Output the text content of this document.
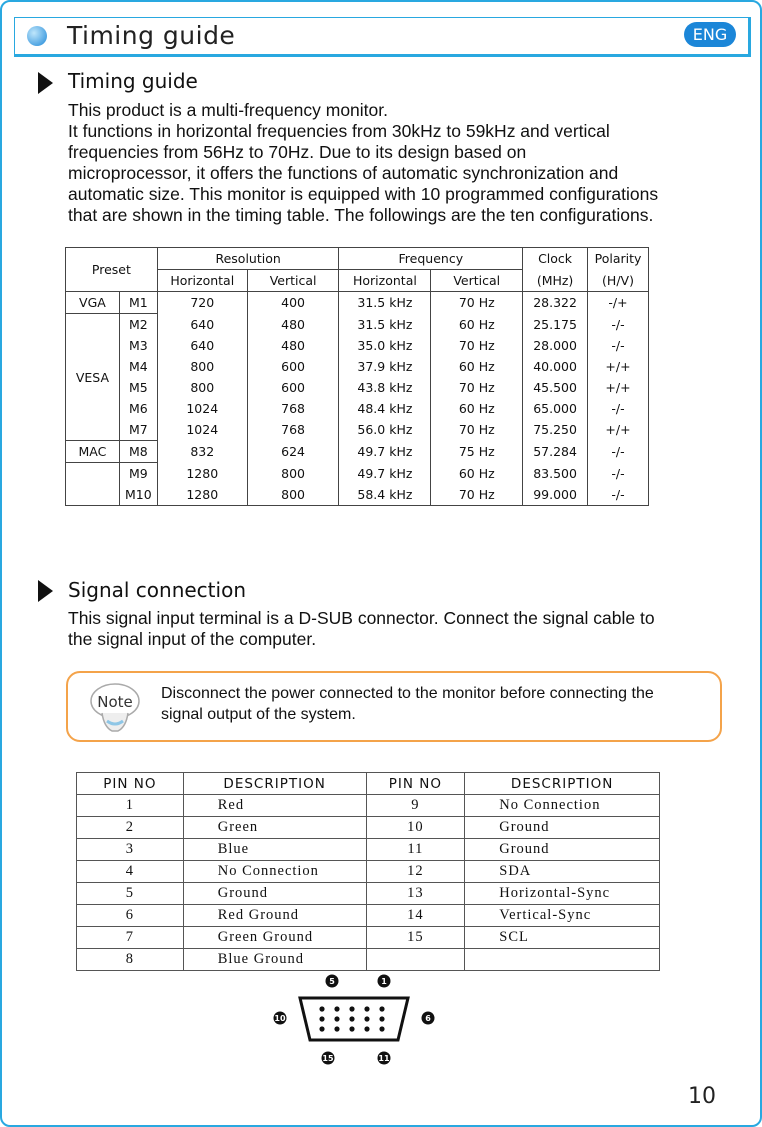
Timing guide	ENG
Timing guide

This product is a multi-frequency monitor.

It functions in horizontal frequencies from 30kHz to 59kHz and vertical

frequencies from 56Hz to 70Hz. Due to its design based on

microprocessor, it offers the functions of automatic synchronization and

automatic size. This monitor is equipped with 10 programmed configurations

that are shown in the timing table. The followings are the ten configurations.

Preset		Resolution		Frequency		Clock	Polarity
		Horizontal	Vertical	Horizontal	Vertical	(MHz)	(H/V)
VGA	M1	720	400	31.5 kHz	70 Hz	28.322	-/+
VESA	M2	640	480	31.5 kHz	60 Hz	25.175	-/-
	M3	640	480	35.0 kHz	70 Hz	28.000	-/-
	M4	800	600	37.9 kHz	60 Hz	40.000	+/+
	M5	800	600	43.8 kHz	70 Hz	45.500	+/+
	M6	1024	768	48.4 kHz	60 Hz	65.000	-/-
	M7	1024	768	56.0 kHz	70 Hz	75.250	+/+
MAC	M8	832	624	49.7 kHz	75 Hz	57.284	-/-
	M9	1280	800	49.7 kHz	60 Hz	83.500	-/-
	M10	1280	800	58.4 kHz	70 Hz	99.000	-/-
Signal connection

This signal input terminal is a D-SUB connector. Connect the signal cable to

the signal input of the computer.

Note Disconnect the power connected to the monitor before connecting the
signal output of the system.
PIN NO	DESCRIPTION	PIN NO	DESCRIPTION
1	Red	9	No Connection
2	Green	10	Ground
3	Blue	11	Ground
4	No Connection	12	SDA
5	Ground	13	Horizontal-Sync
6	Red Ground	14	Vertical-Sync
7	Green Ground	15	SCL
8	Blue Ground		
5	1
10	6
15	11
10
